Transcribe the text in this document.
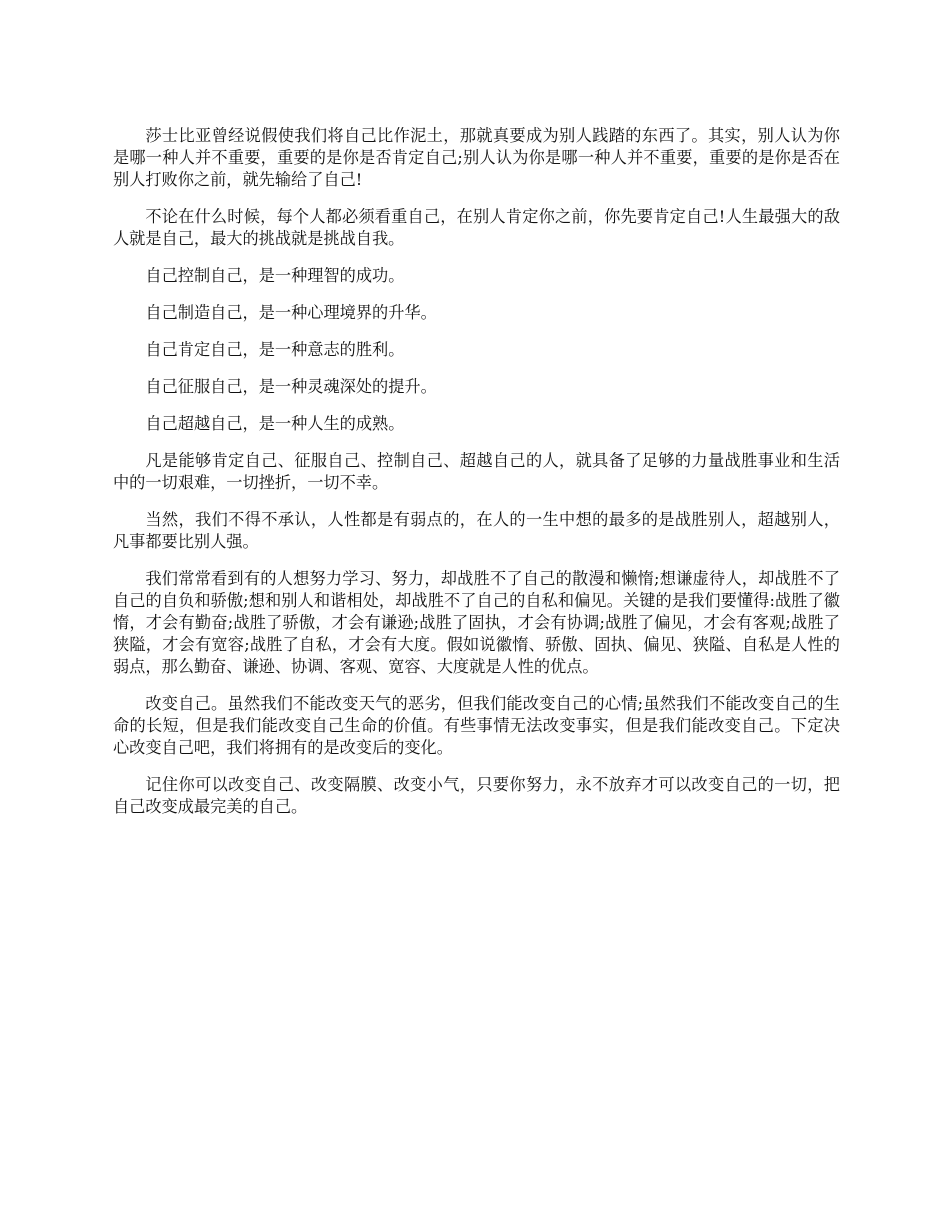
莎士比亚曾经说假使我们将自己比作泥土，那就真要成为别人践踏的东西了。其实，别人认为你是哪一种人并不重要，重要的是你是否肯定自己;别人认为你是哪一种人并不重要，重要的是你是否在别人打败你之前，就先输给了自己!

不论在什么时候，每个人都必须看重自己，在别人肯定你之前，你先要肯定自己!人生最强大的敌人就是自己，最大的挑战就是挑战自我。

自己控制自己，是一种理智的成功。

自己制造自己，是一种心理境界的升华。

自己肯定自己，是一种意志的胜利。

自己征服自己，是一种灵魂深处的提升。

自己超越自己，是一种人生的成熟。

凡是能够肯定自己、征服自己、控制自己、超越自己的人，就具备了足够的力量战胜事业和生活中的一切艰难，一切挫折，一切不幸。

当然，我们不得不承认，人性都是有弱点的，在人的一生中想的最多的是战胜别人，超越别人，凡事都要比别人强。

我们常常看到有的人想努力学习、努力，却战胜不了自己的散漫和懒惰;想谦虚待人，却战胜不了自己的自负和骄傲;想和别人和谐相处，却战胜不了自己的自私和偏见。关键的是我们要懂得:战胜了徽惰，才会有勤奋;战胜了骄傲，才会有谦逊;战胜了固执，才会有协调;战胜了偏见，才会有客观;战胜了狭隘，才会有宽容;战胜了自私，才会有大度。假如说徽惰、骄傲、固执、偏见、狭隘、自私是人性的弱点，那么勤奋、谦逊、协调、客观、宽容、大度就是人性的优点。

改变自己。虽然我们不能改变天气的恶劣，但我们能改变自己的心情;虽然我们不能改变自己的生命的长短，但是我们能改变自己生命的价值。有些事情无法改变事实，但是我们能改变自己。下定决心改变自己吧，我们将拥有的是改变后的变化。

记住你可以改变自己、改变隔膜、改变小气，只要你努力，永不放弃才可以改变自己的一切，把自己改变成最完美的自己。
